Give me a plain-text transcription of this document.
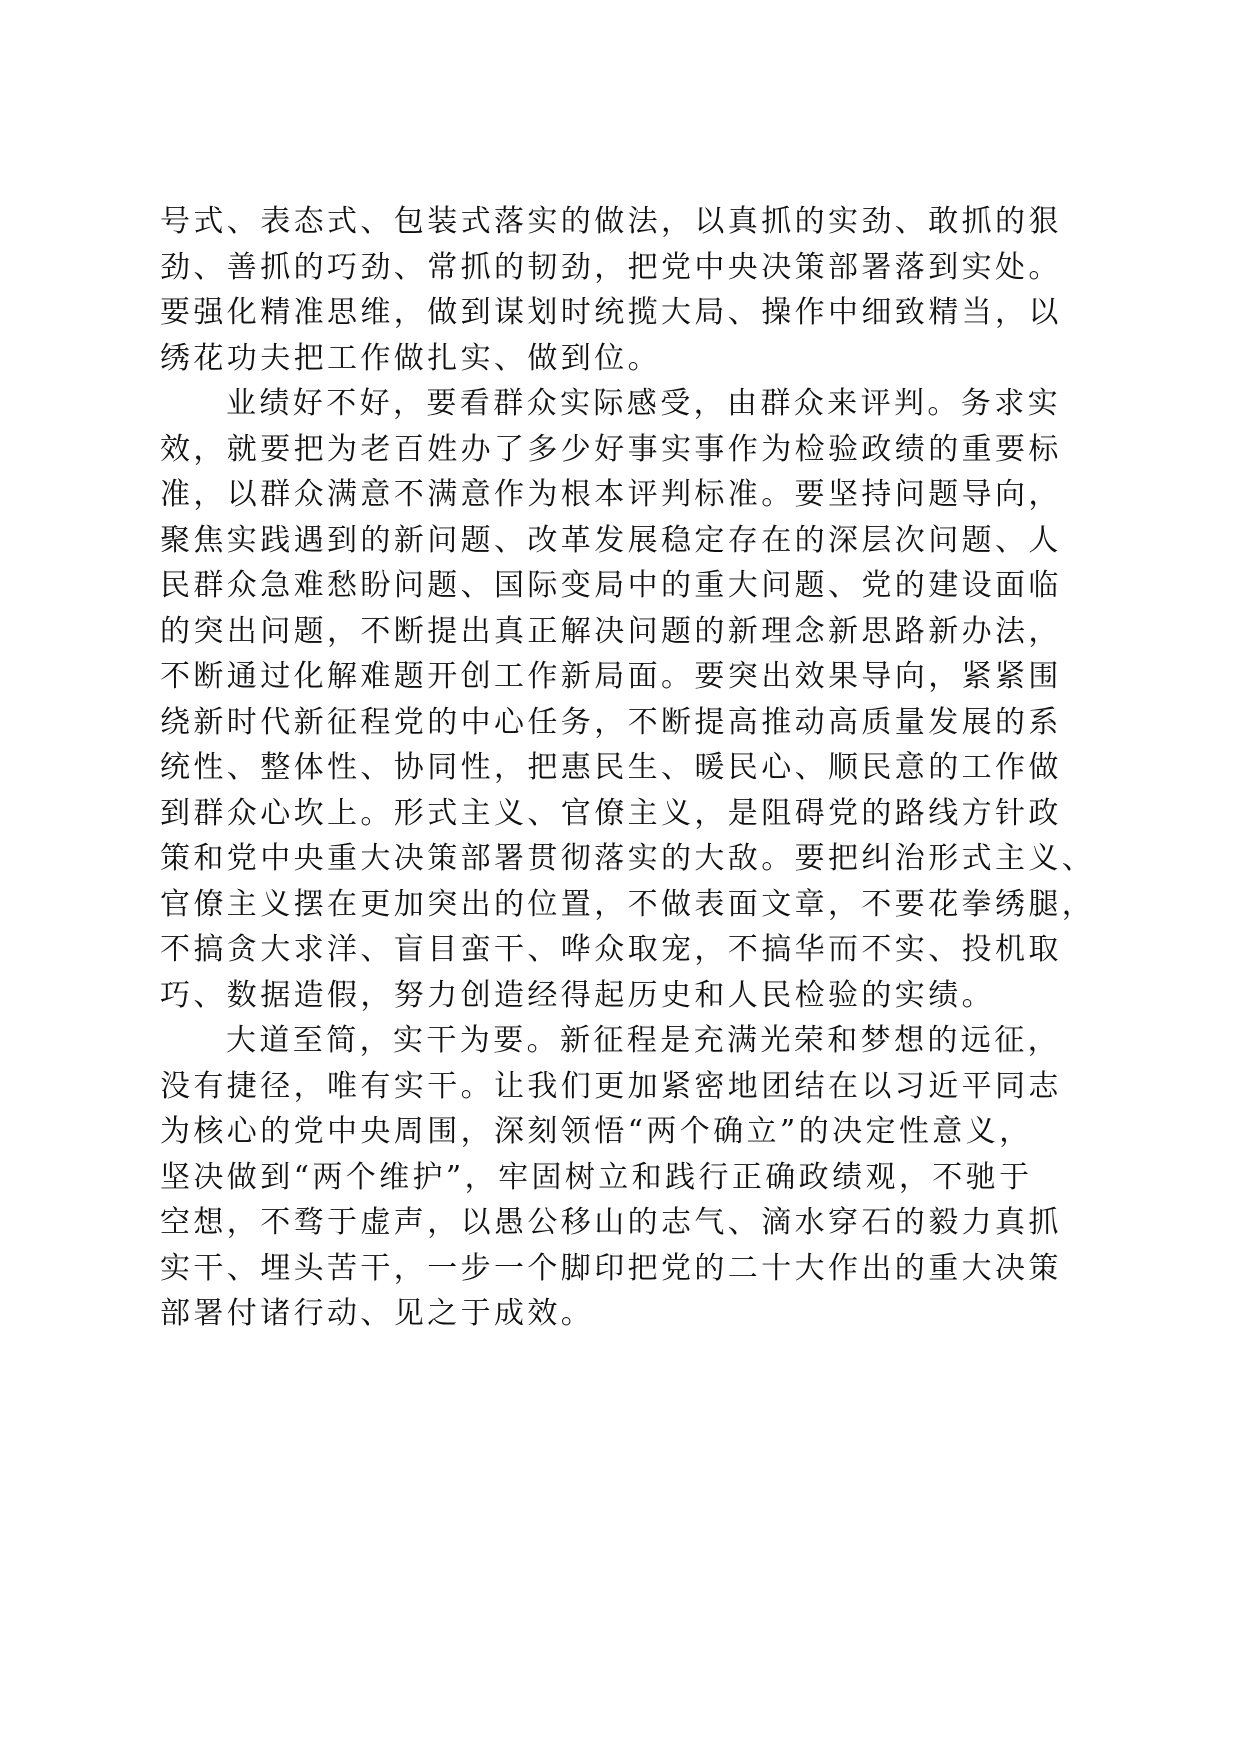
号式、表态式、包装式落实的做法，以真抓的实劲、敢抓的狠
劲、善抓的巧劲、常抓的韧劲，把党中央决策部署落到实处。
要强化精准思维，做到谋划时统揽大局、操作中细致精当，以
绣花功夫把工作做扎实、做到位。
业绩好不好，要看群众实际感受，由群众来评判。务求实
效，就要把为老百姓办了多少好事实事作为检验政绩的重要标
准，以群众满意不满意作为根本评判标准。要坚持问题导向，
聚焦实践遇到的新问题、改革发展稳定存在的深层次问题、人
民群众急难愁盼问题、国际变局中的重大问题、党的建设面临
的突出问题，不断提出真正解决问题的新理念新思路新办法，
不断通过化解难题开创工作新局面。要突出效果导向，紧紧围
绕新时代新征程党的中心任务，不断提高推动高质量发展的系
统性、整体性、协同性，把惠民生、暖民心、顺民意的工作做
到群众心坎上。形式主义、官僚主义，是阻碍党的路线方针政
策和党中央重大决策部署贯彻落实的大敌。要把纠治形式主义、
官僚主义摆在更加突出的位置，不做表面文章，不要花拳绣腿，
不搞贪大求洋、盲目蛮干、哗众取宠，不搞华而不实、投机取
巧、数据造假，努力创造经得起历史和人民检验的实绩。
大道至简，实干为要。新征程是充满光荣和梦想的远征，
没有捷径，唯有实干。让我们更加紧密地团结在以习近平同志
为核心的党中央周围，深刻领悟“两个确立”的决定性意义，
坚决做到“两个维护”，牢固树立和践行正确政绩观，不驰于
空想，不骛于虚声，以愚公移山的志气、滴水穿石的毅力真抓
实干、埋头苦干，一步一个脚印把党的二十大作出的重大决策
部署付诸行动、见之于成效。
